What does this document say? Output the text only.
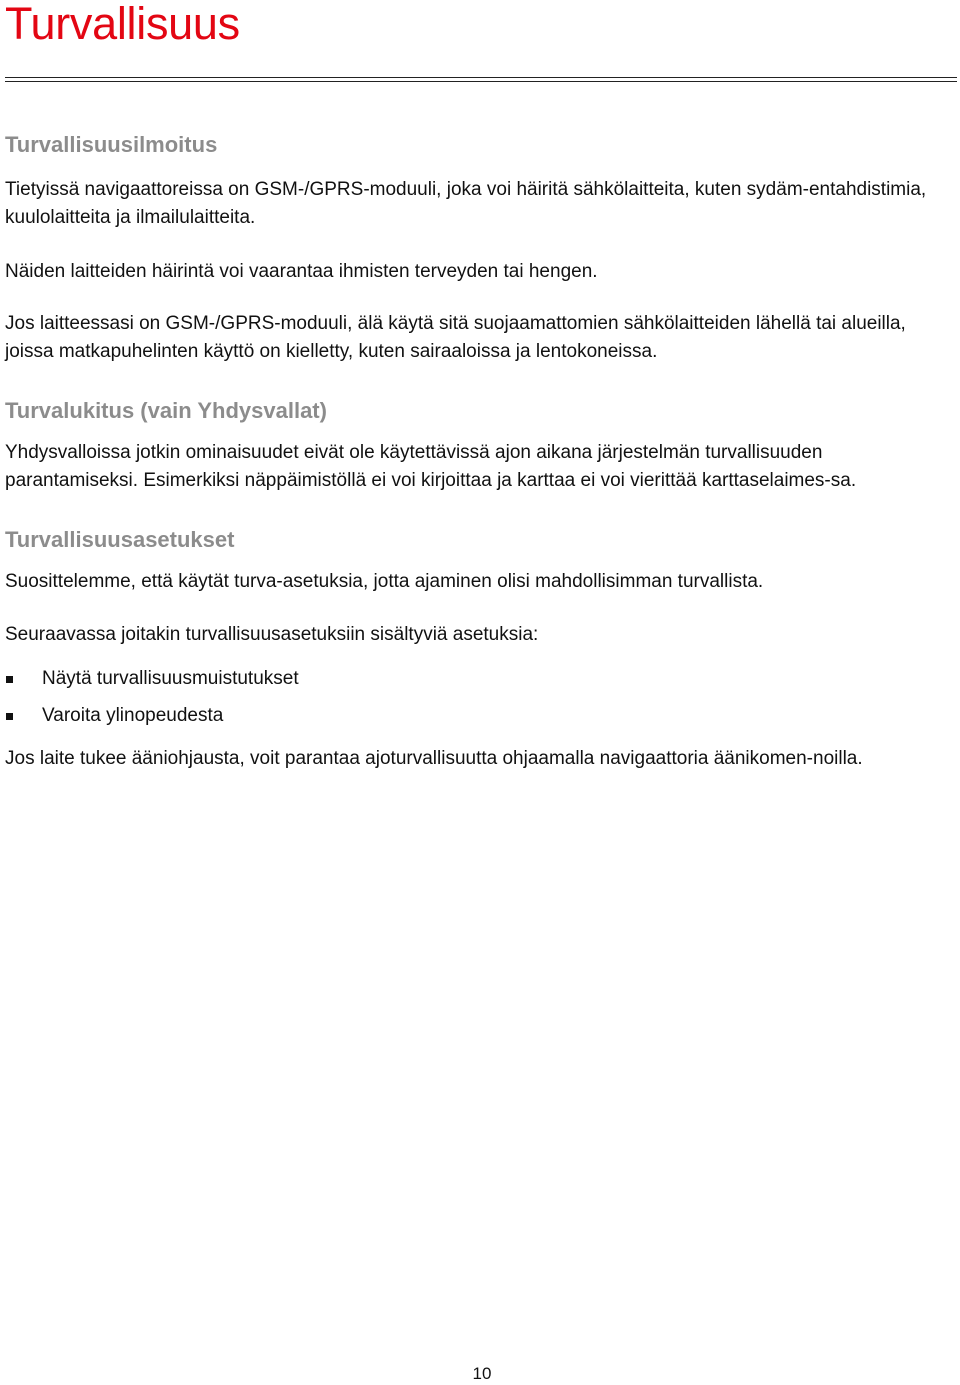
Turvallisuus
Turvallisuusilmoitus

Tietyissä navigaattoreissa on GSM-/GPRS-moduuli, joka voi häiritä sähkölaitteita, kuten sydäm-entahdistimia, kuulolaitteita ja ilmailulaitteita.

Näiden laitteiden häirintä voi vaarantaa ihmisten terveyden tai hengen.

Jos laitteessasi on GSM-/GPRS-moduuli, älä käytä sitä suojaamattomien sähkölaitteiden lähellä tai alueilla, joissa matkapuhelinten käyttö on kielletty, kuten sairaaloissa ja lentokoneissa.

Turvalukitus (vain Yhdysvallat)

Yhdysvalloissa jotkin ominaisuudet eivät ole käytettävissä ajon aikana järjestelmän turvallisuuden parantamiseksi. Esimerkiksi näppäimistöllä ei voi kirjoittaa ja karttaa ei voi vierittää karttaselaimes-sa.

Turvallisuusasetukset

Suosittelemme, että käytät turva-asetuksia, jotta ajaminen olisi mahdollisimman turvallista.

Seuraavassa joitakin turvallisuusasetuksiin sisältyviä asetuksia:

Näytä turvallisuusmuistutukset
Varoita ylinopeudesta

Jos laite tukee ääniohjausta, voit parantaa ajoturvallisuutta ohjaamalla navigaattoria äänikomen-noilla.

10
